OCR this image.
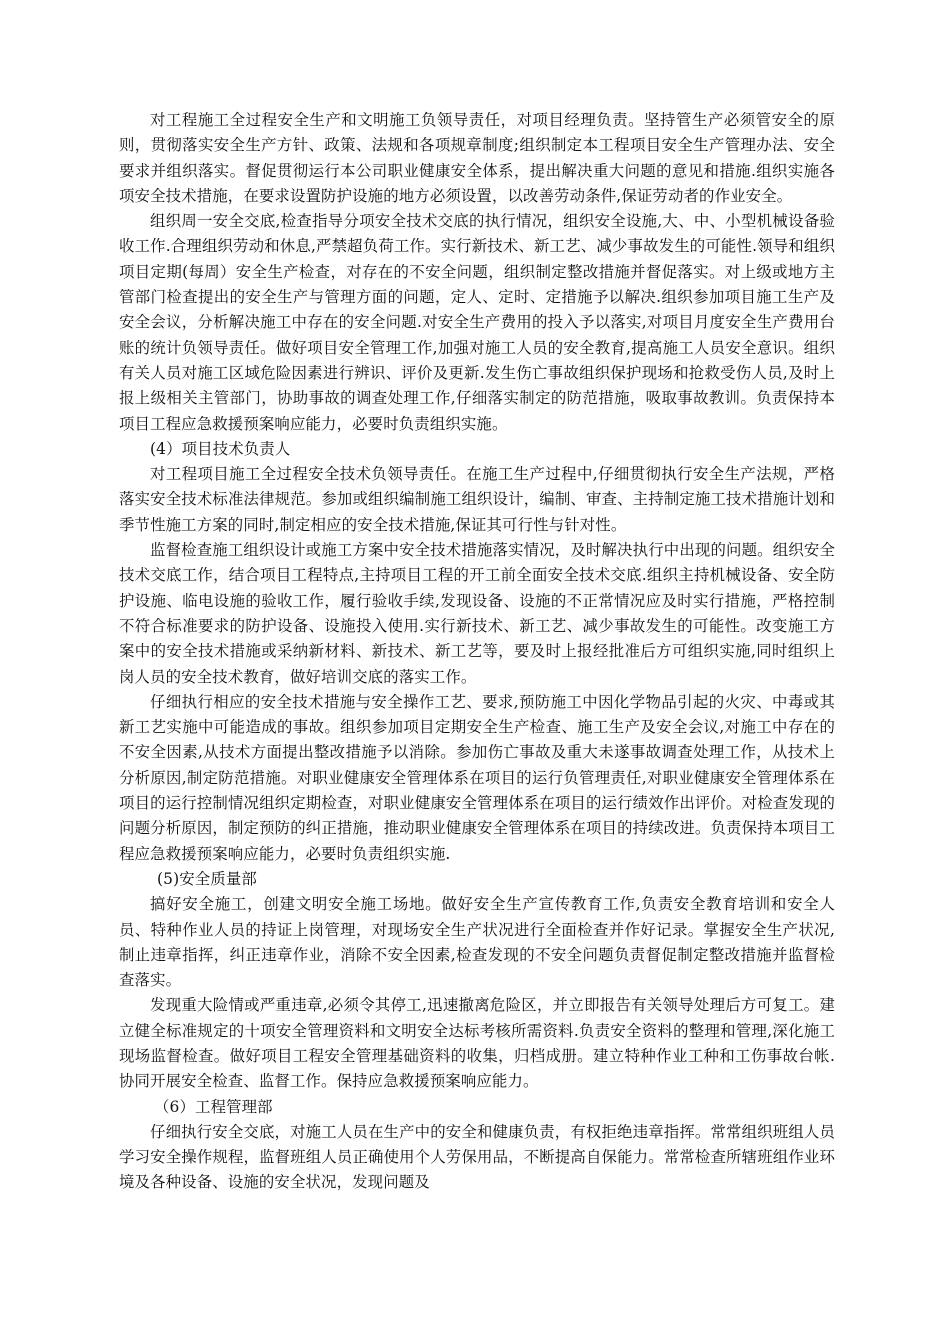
对工程施工全过程安全生产和文明施工负领导责任，对项目经理负责。坚持管生产必须管安全的原则，贯彻落实安全生产方针、政策、法规和各项规章制度;组织制定本工程项目安全生产管理办法、安全要求并组织落实。督促贯彻运行本公司职业健康安全体系，提出解决重大问题的意见和措施.组织实施各项安全技术措施，在要求设置防护设施的地方必须设置，以改善劳动条件,保证劳动者的作业安全。

组织周一安全交底,检查指导分项安全技术交底的执行情况，组织安全设施,大、中、小型机械设备验收工作.合理组织劳动和休息,严禁超负荷工作。实行新技术、新工艺、减少事故发生的可能性.领导和组织项目定期(每周）安全生产检查，对存在的不安全问题，组织制定整改措施并督促落实。对上级或地方主管部门检查提出的安全生产与管理方面的问题，定人、定时、定措施予以解决.组织参加项目施工生产及安全会议，分析解决施工中存在的安全问题.对安全生产费用的投入予以落实,对项目月度安全生产费用台账的统计负领导责任。做好项目安全管理工作,加强对施工人员的安全教育,提高施工人员安全意识。组织有关人员对施工区域危险因素进行辨识、评价及更新.发生伤亡事故组织保护现场和抢救受伤人员,及时上报上级相关主管部门，协助事故的调查处理工作,仔细落实制定的防范措施，吸取事故教训。负责保持本项目工程应急救援预案响应能力，必要时负责组织实施。

(4）项目技术负责人

对工程项目施工全过程安全技术负领导责任。在施工生产过程中,仔细贯彻执行安全生产法规，严格落实安全技术标准法律规范。参加或组织编制施工组织设计，编制、审查、主持制定施工技术措施计划和季节性施工方案的同时,制定相应的安全技术措施,保证其可行性与针对性。

监督检查施工组织设计或施工方案中安全技术措施落实情况，及时解决执行中出现的问题。组织安全技术交底工作，结合项目工程特点,主持项目工程的开工前全面安全技术交底.组织主持机械设备、安全防护设施、临电设施的验收工作，履行验收手续,发现设备、设施的不正常情况应及时实行措施，严格控制不符合标准要求的防护设备、设施投入使用.实行新技术、新工艺、减少事故发生的可能性。改变施工方案中的安全技术措施或采纳新材料、新技术、新工艺等，要及时上报经批准后方可组织实施,同时组织上岗人员的安全技术教育，做好培训交底的落实工作。

仔细执行相应的安全技术措施与安全操作工艺、要求,预防施工中因化学物品引起的火灾、中毒或其新工艺实施中可能造成的事故。组织参加项目定期安全生产检查、施工生产及安全会议,对施工中存在的不安全因素,从技术方面提出整改措施予以消除。参加伤亡事故及重大未遂事故调查处理工作，从技术上分析原因,制定防范措施。对职业健康安全管理体系在项目的运行负管理责任,对职业健康安全管理体系在项目的运行控制情况组织定期检查，对职业健康安全管理体系在项目的运行绩效作出评价。对检查发现的问题分析原因，制定预防的纠正措施，推动职业健康安全管理体系在项目的持续改进。负责保持本项目工程应急救援预案响应能力，必要时负责组织实施.

(5)安全质量部

搞好安全施工，创建文明安全施工场地。做好安全生产宣传教育工作,负责安全教育培训和安全人员、特种作业人员的持证上岗管理，对现场安全生产状况进行全面检查并作好记录。掌握安全生产状况,制止违章指挥，纠正违章作业，消除不安全因素,检查发现的不安全问题负责督促制定整改措施并监督检查落实。

发现重大险情或严重违章,必须令其停工,迅速撤离危险区，并立即报告有关领导处理后方可复工。建立健全标准规定的十项安全管理资料和文明安全达标考核所需资料.负责安全资料的整理和管理,深化施工现场监督检查。做好项目工程安全管理基础资料的收集，归档成册。建立特种作业工种和工伤事故台帐.协同开展安全检查、监督工作。保持应急救援预案响应能力。

（6）工程管理部

仔细执行安全交底，对施工人员在生产中的安全和健康负责，有权拒绝违章指挥。常常组织班组人员学习安全操作规程，监督班组人员正确使用个人劳保用品，不断提高自保能力。常常检查所辖班组作业环境及各种设备、设施的安全状况，发现问题及
